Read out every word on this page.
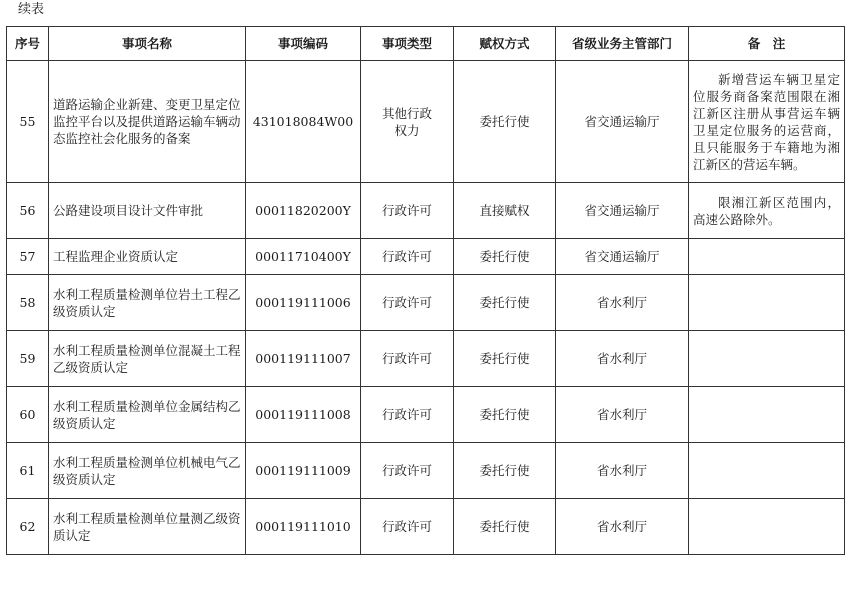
续表
序号	事项名称	事项编码	事项类型	赋权方式	省级业务主管部门	备　注
55	道路运输企业新建、变更卫星定位监控平台以及提供道路运输车辆动态监控社会化服务的备案	431018084W00	其他行政权力	委托行使	省交通运输厅	新增营运车辆卫星定位服务商备案范围限在湘江新区注册从事营运车辆卫星定位服务的运营商，且只能服务于车籍地为湘江新区的营运车辆。
56	公路建设项目设计文件审批	00011820200Y	行政许可	直接赋权	省交通运输厅	限湘江新区范围内，高速公路除外。
57	工程监理企业资质认定	00011710400Y	行政许可	委托行使	省交通运输厅	
58	水利工程质量检测单位岩土工程乙级资质认定	000119111006	行政许可	委托行使	省水利厅	
59	水利工程质量检测单位混凝土工程乙级资质认定	000119111007	行政许可	委托行使	省水利厅	
60	水利工程质量检测单位金属结构乙级资质认定	000119111008	行政许可	委托行使	省水利厅	
61	水利工程质量检测单位机械电气乙级资质认定	000119111009	行政许可	委托行使	省水利厅	
62	水利工程质量检测单位量测乙级资质认定	000119111010	行政许可	委托行使	省水利厅	
